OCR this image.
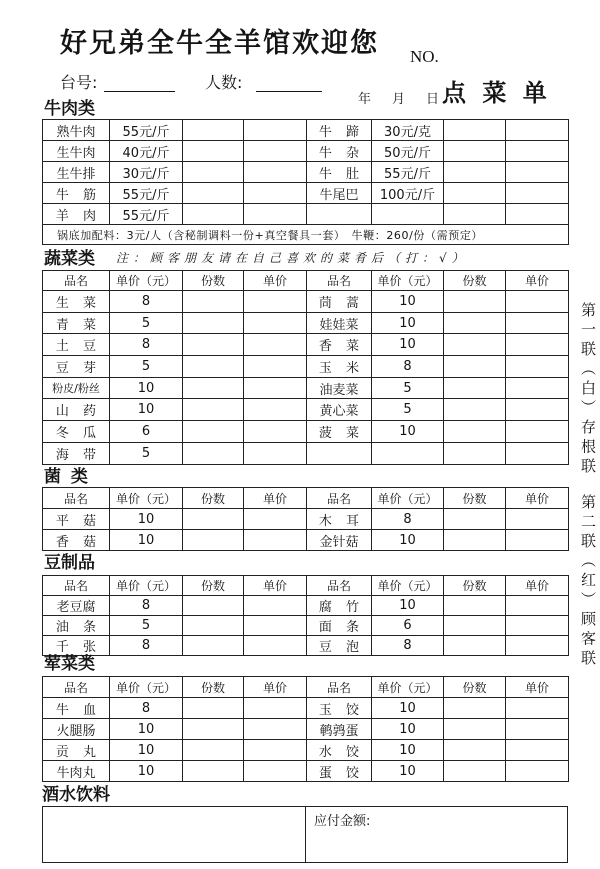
好兄弟全牛全羊馆欢迎您 NO.
台号:	人数:
年 月 日 点 菜 单
牛肉类
熟牛肉	55元/斤			牛 蹄	30元/克		
生牛肉	40元/斤			牛 杂	50元/斤		
生牛排	30元/斤			牛 肚	55元/斤		
牛 筋	55元/斤			牛尾巴	100元/斤		
羊 肉	55元/斤						
锅底加配料：3元/人（含秘制调料一份+真空餐具一套） 牛鞭：260/份（需预定）							
蔬菜类 注：顾客朋友请在自己喜欢的菜肴后（打：√）
品名	单价（元）	份数	单价	品名	单价（元）	份数	单价
生 菜	8			茼 蒿	10		
青 菜	5			娃娃菜	10		
土 豆	8			香 菜	10		
豆 芽	5			玉 米	8		
粉皮/粉丝	10			油麦菜	5		
山 药	10			黄心菜	5		
冬 瓜	6			菠 菜	10		
海 带	5						
菌 类
品名	单价（元）	份数	单价	品名	单价（元）	份数	单价
平 菇	10			木 耳	8		
香 菇	10			金针菇	10		
豆制品
品名	单价（元）	份数	单价	品名	单价（元）	份数	单价
老豆腐	8			腐 竹	10		
油 条	5			面 条	6		
千 张	8			豆 泡	8		
荤菜类
品名	单价（元）	份数	单价	品名	单价（元）	份数	单价
牛 血	8			玉 饺	10		
火腿肠	10			鹌鹑蛋	10		
贡 丸	10			水 饺	10		
牛肉丸	10			蛋 饺	10		
酒水饮料
应付金额:
第一联（白）存根联
第二联（红）顾客联
